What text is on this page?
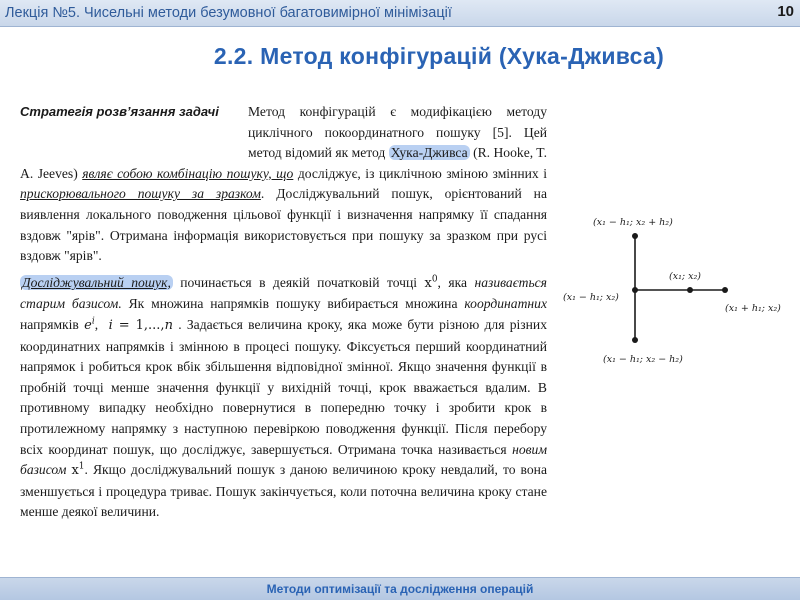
Лекція №5. Чисельні методи безумовної багатовимірної мінімізації	10
2.2. Метод конфігурацій (Хука-Дживса)

Стратегія розв’язання задачі	Метод конфігурацій є модифікацією методу циклічного покоординатного пошуку [5]. Цей метод відомий як метод Хука-Дживса (R. Hooke, T. A. Jeeves) являє собою комбінацію пошуку, що досліджує, із циклічною зміною змінних і прискорювального пошуку за зразком. Досліджувальний пошук, орієнтований на виявлення локального поводження цільової функції і визначення напрямку її спадання вздовж "ярів". Отримана інформація використовується при пошуку за зразком при русі вздовж "ярів".

Досліджувальний пошук, починається в деякій початковій точці $x^0$, яка називається старим базисом. Як множина напрямків пошуку вибирається множина координатних напрямків $e^i$,  i = 1,...,n . Задається величина кроку, яка може бути різною для різних координатних напрямків і змінною в процесі пошуку. Фіксується перший координатний напрямок і робиться крок вбік збільшення відповідної змінної. Якщо значення функції в пробній точці менше значення функції у вихідній точці, крок вважається вдалим. В противному випадку необхідно повернутися в попередню точку і зробити крок в протилежному напрямку з наступною перевіркою поводження функції. Після перебору всіх координат пошук, що досліджує, завершується. Отримана точка називається новим базисом $x^1$. Якщо досліджувальний пошук з даною величиною кроку невдалий, то вона зменшується і процедура триває. Пошук закінчується, коли поточна величина кроку стане менше деякої величини.

(x₁ − h₁; x₂ + h₂)
(x₁; x₂)
(x₁ − h₁; x₂)
(x₁ + h₁; x₂)
(x₁ − h₁; x₂ − h₂)
Методи оптимізації та дослідження операцій
